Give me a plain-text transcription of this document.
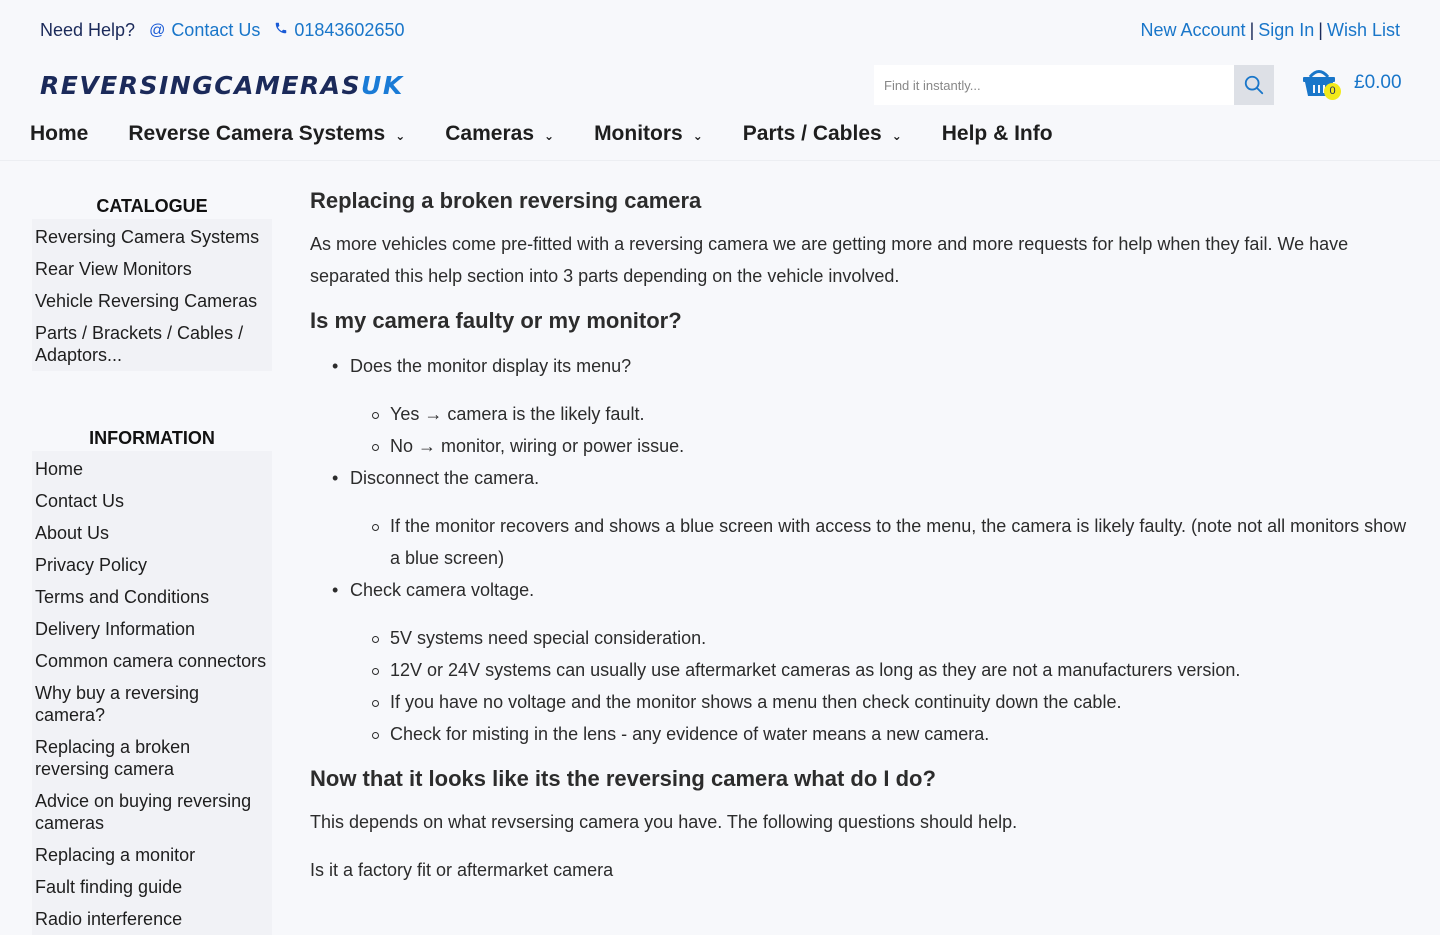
Need Help? @ Contact Us 01843602650	New Account | Sign In | Wish List
REVERSING CAMERAS UK
Find it instantly...	0 £0.00
Home Reverse Camera Systems ⌄ Cameras ⌄ Monitors ⌄ Parts / Cables ⌄ Help & Info
CATALOGUE
Reversing Camera Systems
Rear View Monitors
Vehicle Reversing Cameras
Parts / Brackets / Cables / Adaptors...
INFORMATION
Home
Contact Us
About Us
Privacy Policy
Terms and Conditions
Delivery Information
Common camera connectors
Why buy a reversing camera?
Replacing a broken reversing camera
Advice on buying reversing cameras
Replacing a monitor
Fault finding guide
Radio interference
Replacing a broken reversing camera

As more vehicles come pre-fitted with a reversing camera we are getting more and more requests for help when they fail. We have separated this help section into 3 parts depending on the vehicle involved.

Is my camera faulty or my monitor?
• Does the monitor display its menu?
Yes → camera is the likely fault.
No → monitor, wiring or power issue.
• Disconnect the camera.
If the monitor recovers and shows a blue screen with access to the menu, the camera is likely faulty. (note not all monitors show a blue screen)
• Check camera voltage.
5V systems need special consideration.
12V or 24V systems can usually use aftermarket cameras as long as they are not a manufacturers version.
If you have no voltage and the monitor shows a menu then check continuity down the cable.
Check for misting in the lens - any evidence of water means a new camera.
Now that it looks like its the reversing camera what do I do?

This depends on what revsersing camera you have. The following questions should help.

Is it a factory fit or aftermarket camera
